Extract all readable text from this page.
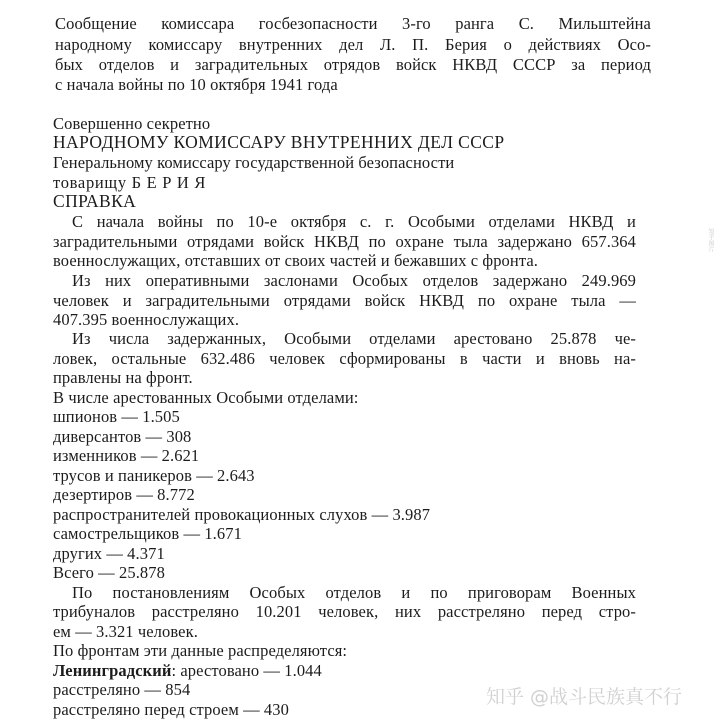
Сообщение комиссара госбезопасности 3-го ранга С. Мильштейна

народному комиссару внутренних дел Л. П. Берия о действиях Осо-

бых отделов и заградительных отрядов войск НКВД СССР за период

с начала войны по 10 октября 1941 года

Совершенно секретно

НАРОДНОМУ КОМИССАРУ ВНУТРЕННИХ ДЕЛ СССР

Генеральному комиссару государственной безопасности

товарищу Б Е Р И Я

СПРАВКА

С начала войны по 10-е октября с. г. Особыми отделами НКВД и

заградительными отрядами войск НКВД по охране тыла задержано 657.364

военнослужащих, отставших от своих частей и бежавших с фронта.

Из них оперативными заслонами Особых отделов задержано 249.969

человек и заградительными отрядами войск НКВД по охране тыла —

407.395 военнослужащих.

Из числа задержанных, Особыми отделами арестовано 25.878 че-

ловек, остальные 632.486 человек сформированы в части и вновь на-

правлены на фронт.

В числе арестованных Особыми отделами:

шпионов — 1.505

диверсантов — 308

изменников — 2.621

трусов и паникеров — 2.643

дезертиров — 8.772

распространителей провокационных слухов — 3.987

самострельщиков — 1.671

других — 4.371

Всего — 25.878

По постановлениям Особых отделов и по приговорам Военных

трибуналов расстреляно 10.201 человек, них расстреляно перед стро-

ем — 3.321 человек.

По фронтам эти данные распределяются:

Ленинградский: арестовано — 1.044

расстреляно — 854

расстреляно перед строем — 430

知乎图片
知乎 @战斗民族真不行
